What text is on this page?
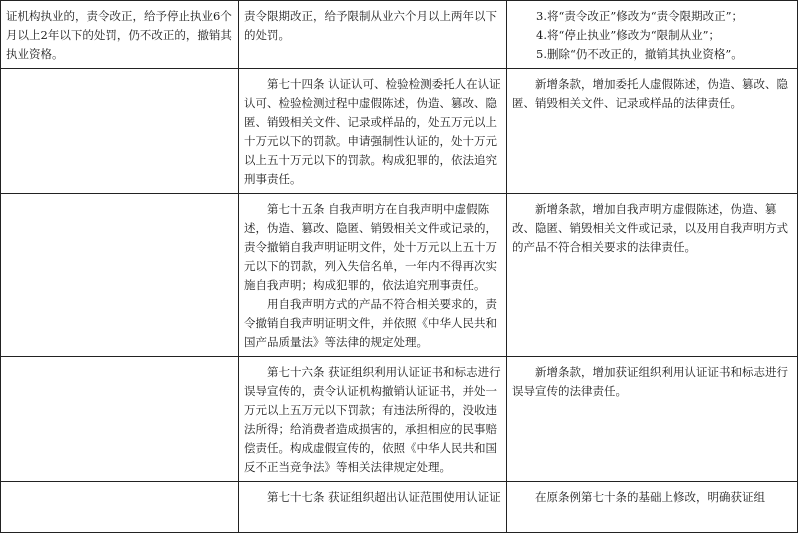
证机构执业的，责令改正，给予停止执业6个月以上2年以下的处罚，仍不改正的，撤销其执业资格。	责令限期改正，给予限制从业六个月以上两年以下的处罚。	3.将“责令改正”修改为“责令限期改正”；

4.将“停止执业”修改为“限制从业”；

5.删除“仍不改正的，撤销其执业资格”。

	第七十四条 认证认可、检验检测委托人在认证认可、检验检测过程中虚假陈述，伪造、篡改、隐匿、销毁相关文件、记录或样品的，处五万元以上十万元以下的罚款。申请强制性认证的，处十万元以上五十万元以下的罚款。构成犯罪的，依法追究刑事责任。	新增条款，增加委托人虚假陈述，伪造、篡改、隐匿、销毁相关文件、记录或样品的法律责任。

	第七十五条 自我声明方在自我声明中虚假陈述，伪造、篡改、隐匿、销毁相关文件或记录的，责令撤销自我声明证明文件，处十万元以上五十万元以下的罚款，列入失信名单，一年内不得再次实施自我声明；构成犯罪的，依法追究刑事责任。

用自我声明方式的产品不符合相关要求的，责令撤销自我声明证明文件，并依照《中华人民共和国产品质量法》等法律的规定处理。	新增条款，增加自我声明方虚假陈述，伪造、篡改、隐匿、销毁相关文件或记录，以及用自我声明方式的产品不符合相关要求的法律责任。
	第七十六条 获证组织利用认证证书和标志进行误导宣传的，责令认证机构撤销认证证书，并处一万元以上五万元以下罚款；有违法所得的，没收违法所得；给消费者造成损害的，承担相应的民事赔偿责任。构成虚假宣传的，依照《中华人民共和国反不正当竞争法》等相关法律规定处理。	新增条款，增加获证组织利用认证证书和标志进行误导宣传的法律责任。
	第七十七条 获证组织超出认证范围使用认证证	在原条例第七十条的基础上修改，明确获证组
